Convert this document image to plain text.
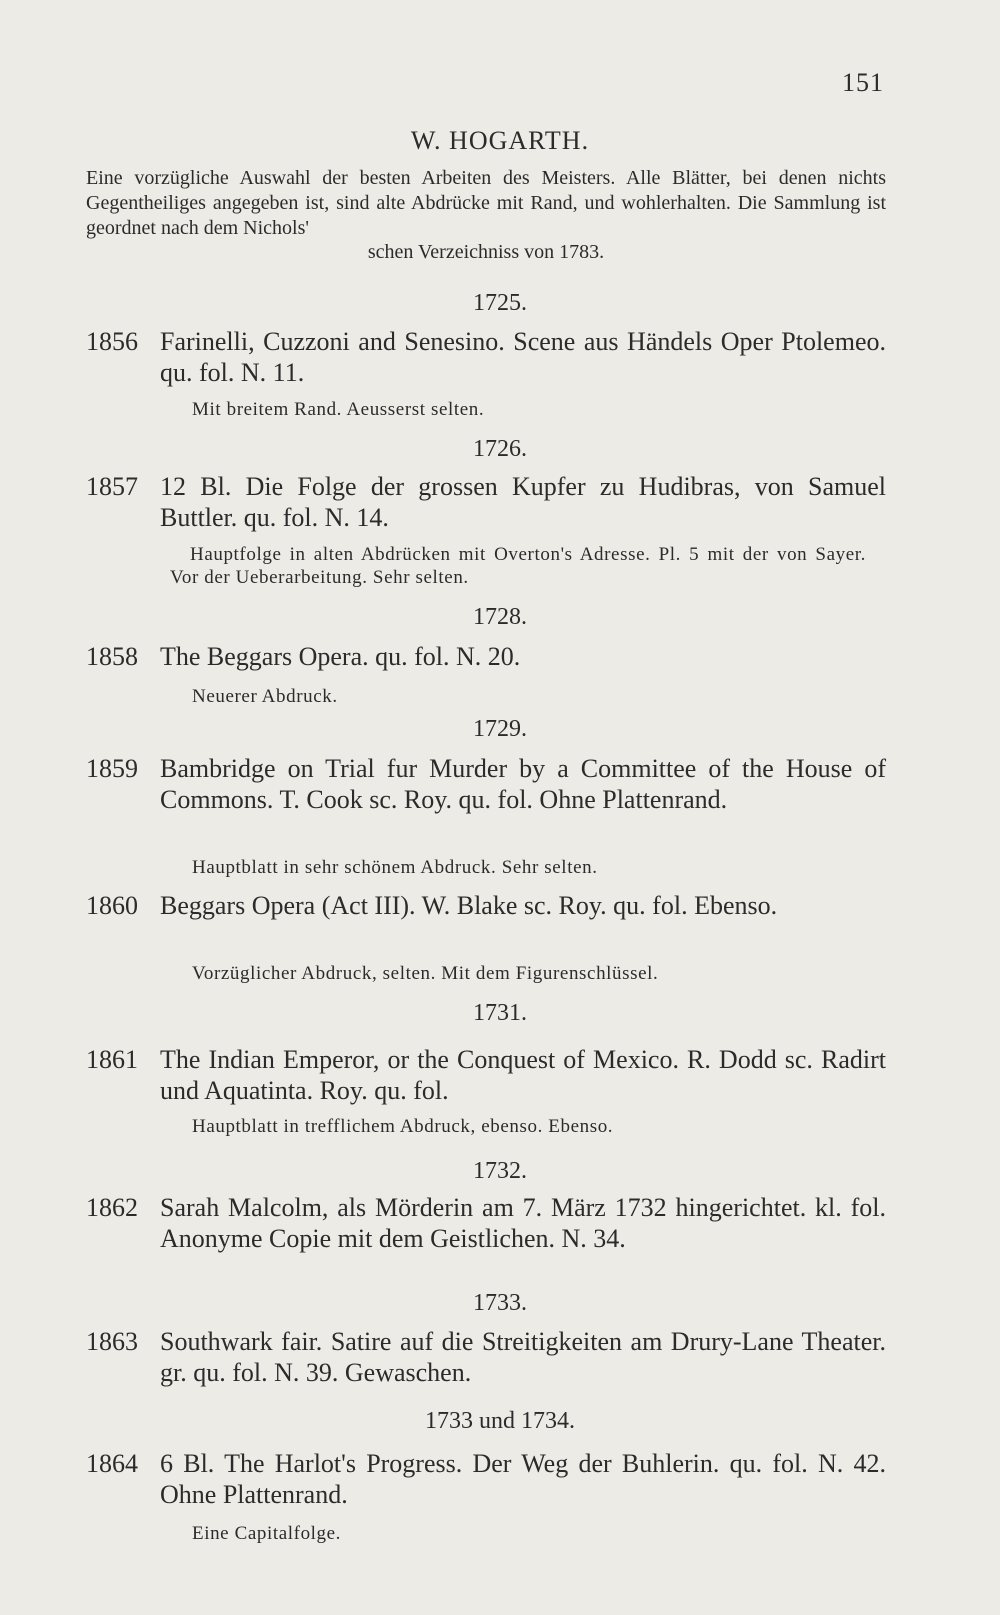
151
W. HOGARTH.
Eine vorzügliche Auswahl der besten Arbeiten des Meisters. Alle Blätter, bei denen nichts Gegentheiliges angegeben ist, sind alte Abdrücke mit Rand, und wohlerhalten. Die Sammlung ist geordnet nach dem Nichols'
schen Verzeichniss von 1783.
1725.
1856 Farinelli, Cuzzoni and Senesino. Scene aus Händels Oper Ptolemeo. qu. fol. N. 11.
Mit breitem Rand. Aeusserst selten.
1726.
1857 12 Bl. Die Folge der grossen Kupfer zu Hudibras, von Samuel Buttler. qu. fol. N. 14.
Hauptfolge in alten Abdrücken mit Overton's Adresse. Pl. 5 mit der von Sayer. Vor der Ueberarbeitung. Sehr selten.
1728.
1858 The Beggars Opera. qu. fol. N. 20.
Neuerer Abdruck.
1729.
1859 Bambridge on Trial fur Murder by a Committee of the House of Commons. T. Cook sc. Roy. qu. fol. Ohne Plattenrand.
Hauptblatt in sehr schönem Abdruck. Sehr selten.
1860 Beggars Opera (Act III). W. Blake sc. Roy. qu. fol. Ebenso.
Vorzüglicher Abdruck, selten. Mit dem Figurenschlüssel.
1731.
1861 The Indian Emperor, or the Conquest of Mexico. R. Dodd sc. Radirt und Aquatinta. Roy. qu. fol.
Hauptblatt in trefflichem Abdruck, ebenso. Ebenso.
1732.
1862 Sarah Malcolm, als Mörderin am 7. März 1732 hingerichtet. kl. fol. Anonyme Copie mit dem Geistlichen. N. 34.
1733.
1863 Southwark fair. Satire auf die Streitigkeiten am Drury-Lane Theater. gr. qu. fol. N. 39. Gewaschen.
1733 und 1734.
1864 6 Bl. The Harlot's Progress. Der Weg der Buhlerin. qu. fol. N. 42. Ohne Plattenrand.
Eine Capitalfolge.
